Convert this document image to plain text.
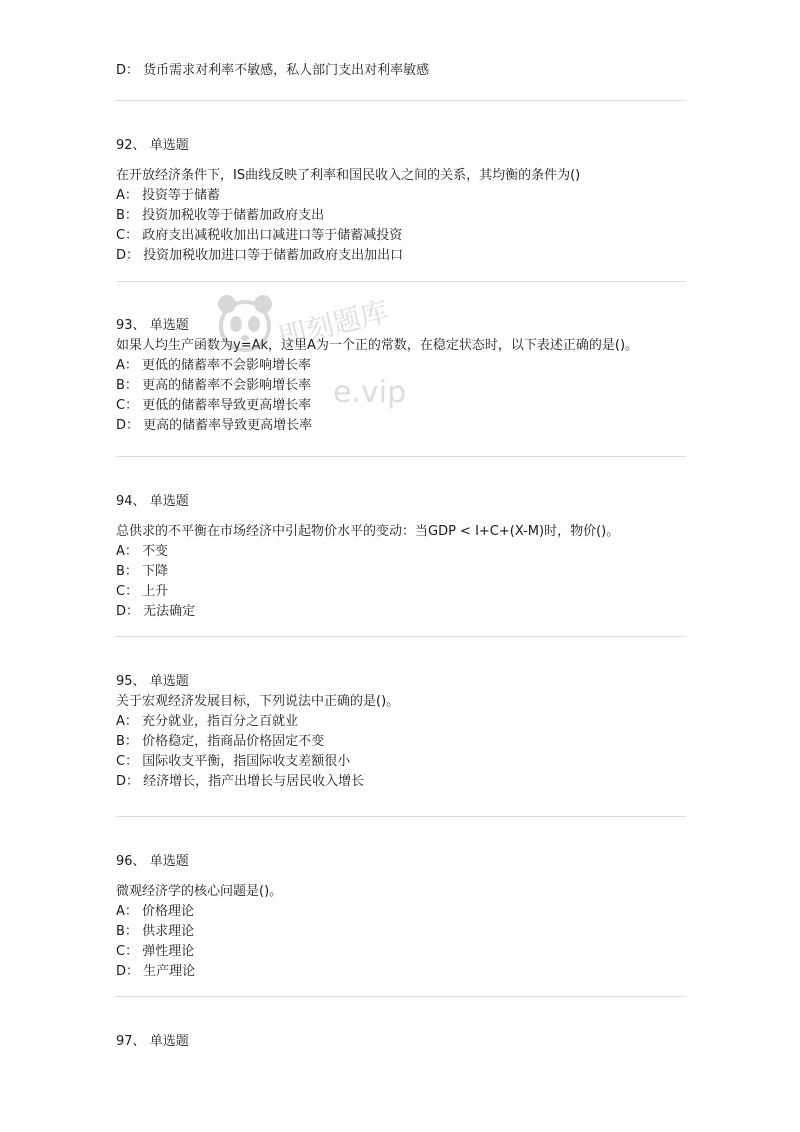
D： 货币需求对利率不敏感，私人部门支出对利率敏感
92、 单选题
在开放经济条件下，IS曲线反映了利率和国民收入之间的关系，其均衡的条件为()
A： 投资等于储蓄
B： 投资加税收等于储蓄加政府支出
C： 政府支出减税收加出口减进口等于储蓄减投资
D： 投资加税收加进口等于储蓄加政府支出加出口
93、 单选题
如果人均生产函数为y=Ak，这里A为一个正的常数，在稳定状态时，以下表述正确的是()。
A： 更低的储蓄率不会影响增长率
B： 更高的储蓄率不会影响增长率
C： 更低的储蓄率导致更高增长率
D： 更高的储蓄率导致更高增长率
94、 单选题
总供求的不平衡在市场经济中引起物价水平的变动：当GDP < I+C+(X-M)时，物价()。
A： 不变
B： 下降
C： 上升
D： 无法确定
95、 单选题
关于宏观经济发展目标，下列说法中正确的是()。
A： 充分就业，指百分之百就业
B： 价格稳定，指商品价格固定不变
C： 国际收支平衡，指国际收支差额很小
D： 经济增长，指产出增长与居民收入增长
96、 单选题
微观经济学的核心问题是()。
A： 价格理论
B： 供求理论
C： 弹性理论
D： 生产理论
97、 单选题
即刻题库
e.vip
